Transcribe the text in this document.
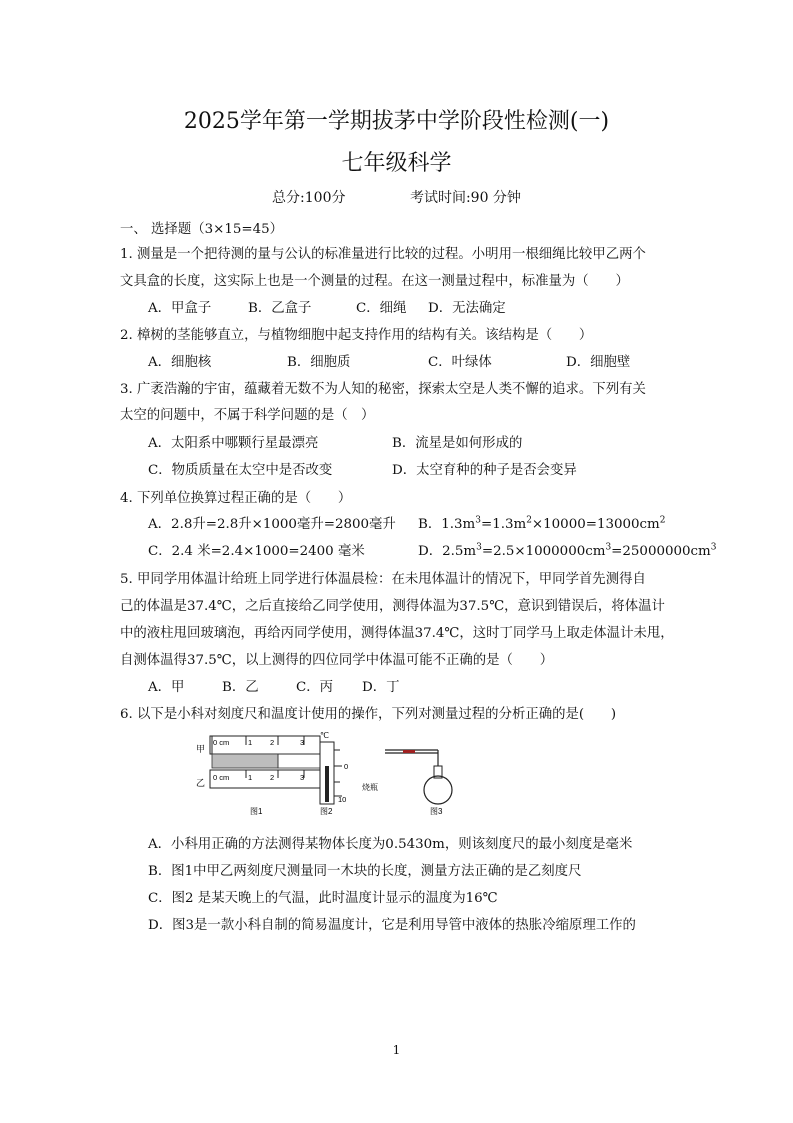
2025学年第一学期拔茅中学阶段性检测(一)
七年级科学
总分:100分	考试时间:90 分钟
一、 选择题（3×15=45）
1. 测量是一个把待测的量与公认的标准量进行比较的过程。小明用一根细绳比较甲乙两个
文具盒的长度，这实际上也是一个测量的过程。在这一测量过程中，标准量为（　　）
A．甲盒子	B．乙盒子	C．细绳 D．无法确定
2. 樟树的茎能够直立，与植物细胞中起支持作用的结构有关。该结构是（　　）
A．细胞核	B．细胞质	C．叶绿体	D．细胞壁
3. 广袤浩瀚的宇宙，蕴藏着无数不为人知的秘密，探索太空是人类不懈的追求。下列有关
太空的问题中，不属于科学问题的是（　）
A．太阳系中哪颗行星最漂亮	B．流星是如何形成的
C．物质质量在太空中是否改变	D．太空育种的种子是否会变异
4. 下列单位换算过程正确的是（　　）
A．2.8升=2.8升×1000毫升=2800毫升 B．$1.3m^3=1.3m^2\times 10000=13000cm^2$
C．2.4 米=2.4×1000=2400 毫米	D．$2.5m^3=2.5\times 1000000cm^3=25000000cm^3$
5. 甲同学用体温计给班上同学进行体温晨检：在未甩体温计的情况下，甲同学首先测得自
己的体温是37.4℃，之后直接给乙同学使用，测得体温为37.5℃，意识到错误后，将体温计
中的液柱甩回玻璃泡，再给丙同学使用，测得体温37.4℃，这时丁同学马上取走体温计未甩，
自测体温得37.5℃，以上测得的四位同学中体温可能不正确的是（　　）
A．甲	B．乙	C．丙 D．丁
6. 以下是小科对刻度尺和温度计使用的操作，下列对测量过程的分析正确的是(　　)
甲
乙
0 cm 1 2	3
0 cm 1 2	3
图1
℃
0
10
图2
烧瓶
图3
A．小科用正确的方法测得某物体长度为0.5430m，则该刻度尺的最小刻度是毫米
B．图1中甲乙两刻度尺测量同一木块的长度，测量方法正确的是乙刻度尺
C．图2 是某天晚上的气温，此时温度计显示的温度为16℃
D．图3是一款小科自制的简易温度计，它是利用导管中液体的热胀冷缩原理工作的
1
